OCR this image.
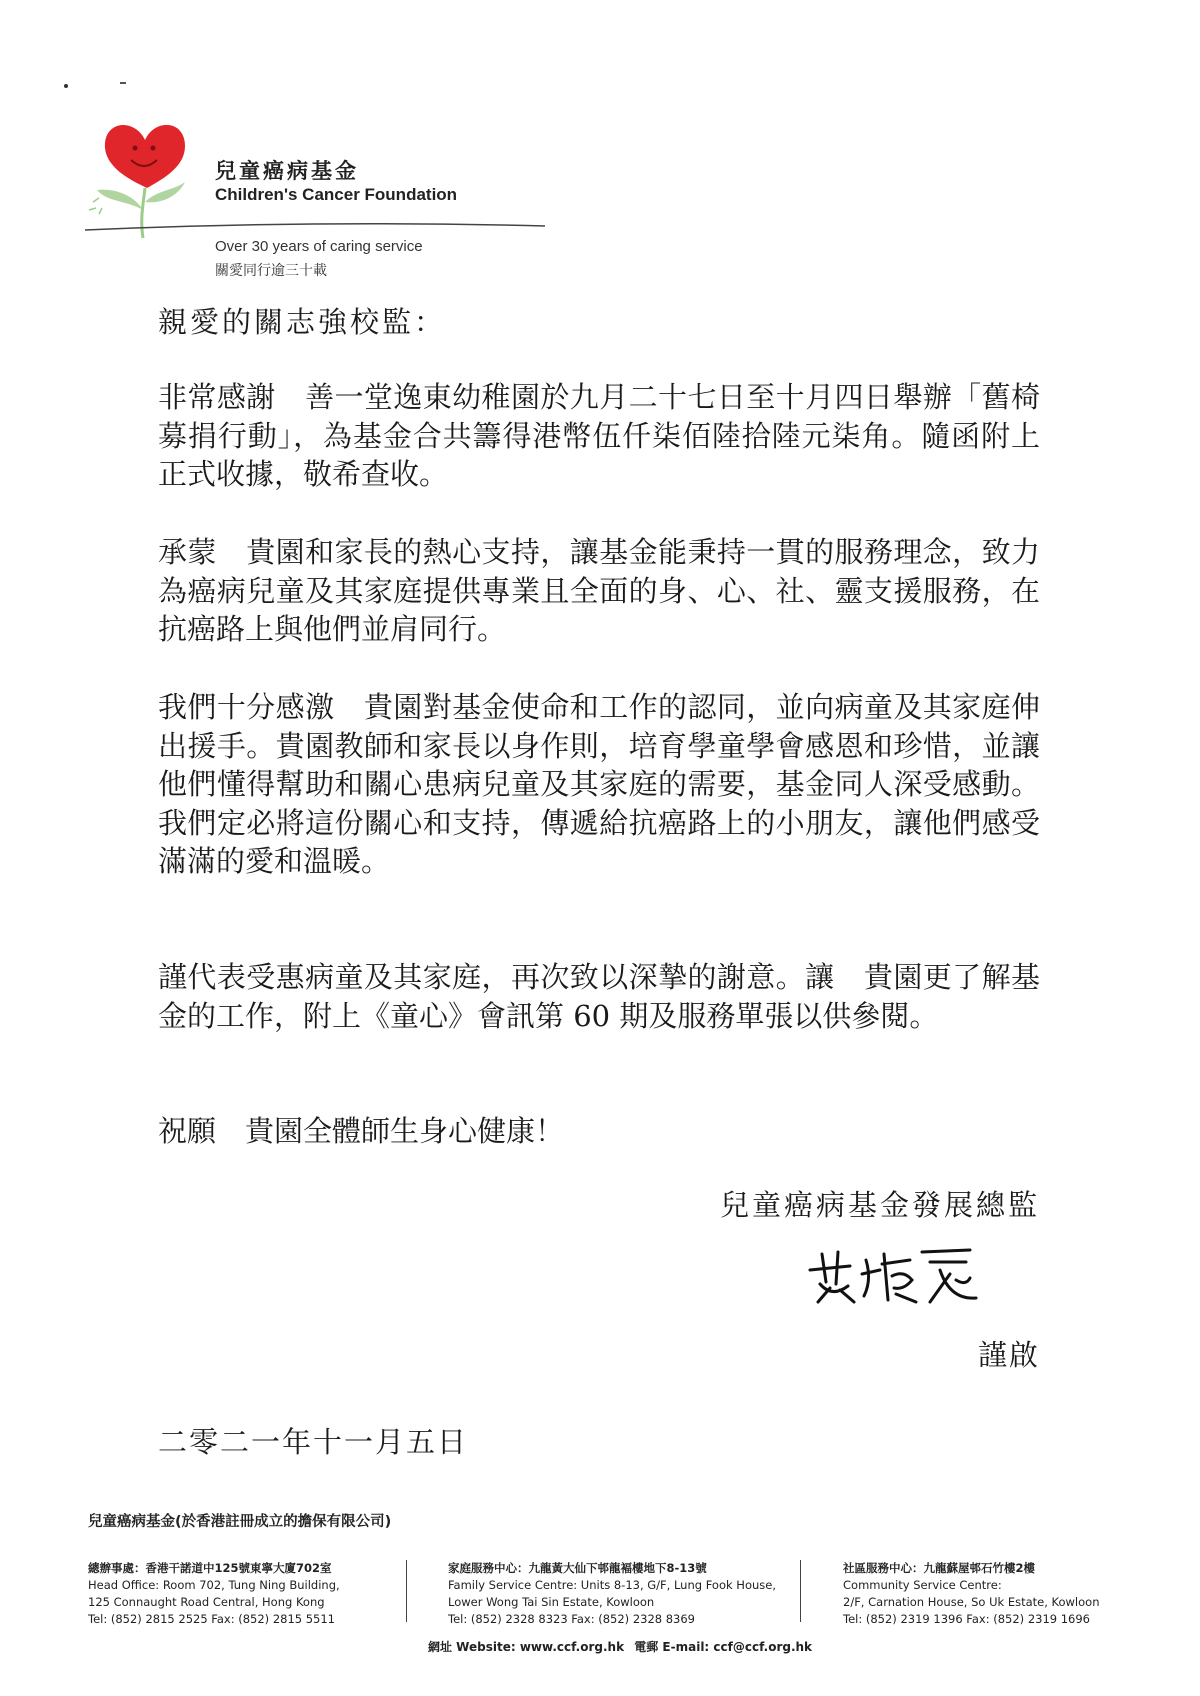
兒童癌病基金
Children's Cancer Foundation
Over 30 years of caring service
關愛同行逾三十載
親愛的關志強校監：

非常感謝　善一堂逸東幼稚園於九月二十七日至十月四日舉辦「舊椅募捐行動」，為基金合共籌得港幣伍仟柒佰陸拾陸元柒角。隨函附上正式收據，敬希查收。

承蒙　貴園和家長的熱心支持，讓基金能秉持一貫的服務理念，致力為癌病兒童及其家庭提供專業且全面的身、心、社、靈支援服務，在抗癌路上與他們並肩同行。

我們十分感激　貴園對基金使命和工作的認同，並向病童及其家庭伸出援手。貴園教師和家長以身作則，培育學童學會感恩和珍惜，並讓他們懂得幫助和關心患病兒童及其家庭的需要，基金同人深受感動。我們定必將這份關心和支持，傳遞給抗癌路上的小朋友，讓他們感受滿滿的愛和溫暖。

謹代表受惠病童及其家庭，再次致以深摯的謝意。讓　貴園更了解基金的工作，附上《童心》會訊第 60 期及服務單張以供參閱。

祝願　貴園全體師生身心健康！

兒童癌病基金發展總監
謹啟
二零二一年十一月五日
兒童癌病基金(於香港註冊成立的擔保有限公司)
總辦事處：香港干諾道中125號東寧大廈702室
Head Office: Room 702, Tung Ning Building,
125 Connaught Road Central, Hong Kong
Tel: (852) 2815 2525 Fax: (852) 2815 5511
家庭服務中心：九龍黃大仙下邨龍褔樓地下8-13號
Family Service Centre: Units 8-13, G/F, Lung Fook House,
Lower Wong Tai Sin Estate, Kowloon
Tel: (852) 2328 8323 Fax: (852) 2328 8369
社區服務中心：九龍蘇屋邨石竹樓2樓
Community Service Centre:
2/F, Carnation House, So Uk Estate, Kowloon
Tel: (852) 2319 1396 Fax: (852) 2319 1696
網址 Website: www.ccf.org.hk 電郵 E-mail: ccf@ccf.org.hk
